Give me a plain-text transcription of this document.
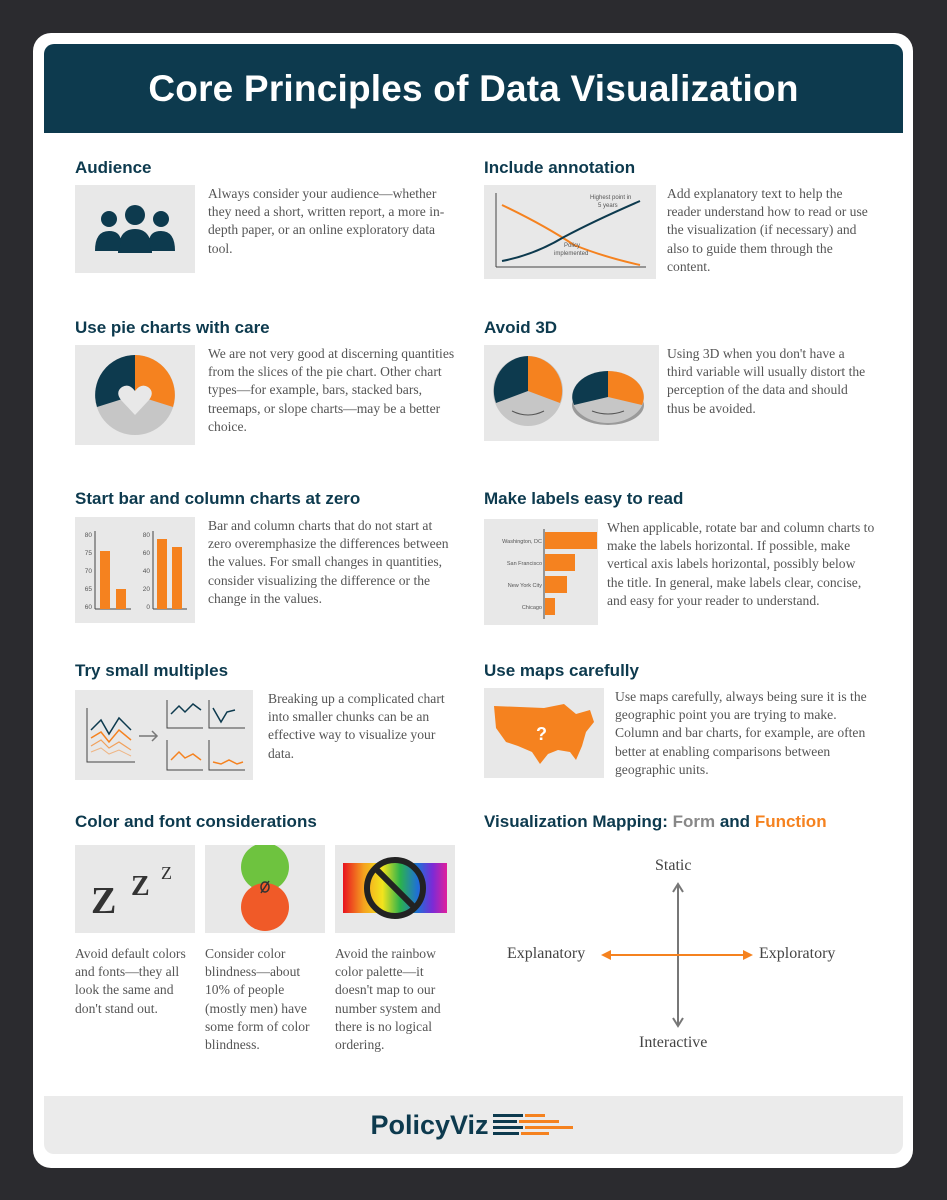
Core Principles of Data Visualization
Audience
Always consider your audience—whether they need a short, written report, a more in-depth paper, or an online exploratory data tool.
Include annotation
Highest point in
5 years
Policy
implemented
Add explanatory text to help the reader understand how to read or use the visualization (if necessary) and also to guide them through the content.
Use pie charts with care
We are not very good at discerning quantities from the slices of the pie chart. Other chart types—for example, bars, stacked bars, treemaps, or slope charts—may be a better choice.
Avoid 3D
Using 3D when you don't have a third variable will usually distort the perception of the data and should thus be avoided.
Start bar and column charts at zero
80
75
70
65
60
80
60
40
20
0
Bar and column charts that do not start at zero overemphasize the differences between the values. For small changes in quantities, consider visualizing the difference or the change in the values.
Make labels easy to read
Washington, DC
San Francisco
New York City
Chicago
When applicable, rotate bar and column charts to make the labels horizontal. If possible, make vertical axis labels horizontal, possibly below the title. In general, make labels clear, concise, and easy for your reader to understand.
Try small multiples
Breaking up a complicated chart into smaller chunks can be an effective way to visualize your data.
Use maps carefully
?
Use maps carefully, always being sure it is the geographic point you are trying to make. Column and bar charts, for example, are often better at enabling comparisons between geographic units.
Color and font considerations
Z Z Z
Avoid default colors and fonts—they all look the same and don't stand out.
Consider color blindness—about 10% of people (mostly men) have some form of color blindness.
Avoid the rainbow color palette—it doesn't map to our number system and there is no logical ordering.
Visualization Mapping: Form and Function
Static
Interactive
Explanatory	Exploratory
PolicyViz
